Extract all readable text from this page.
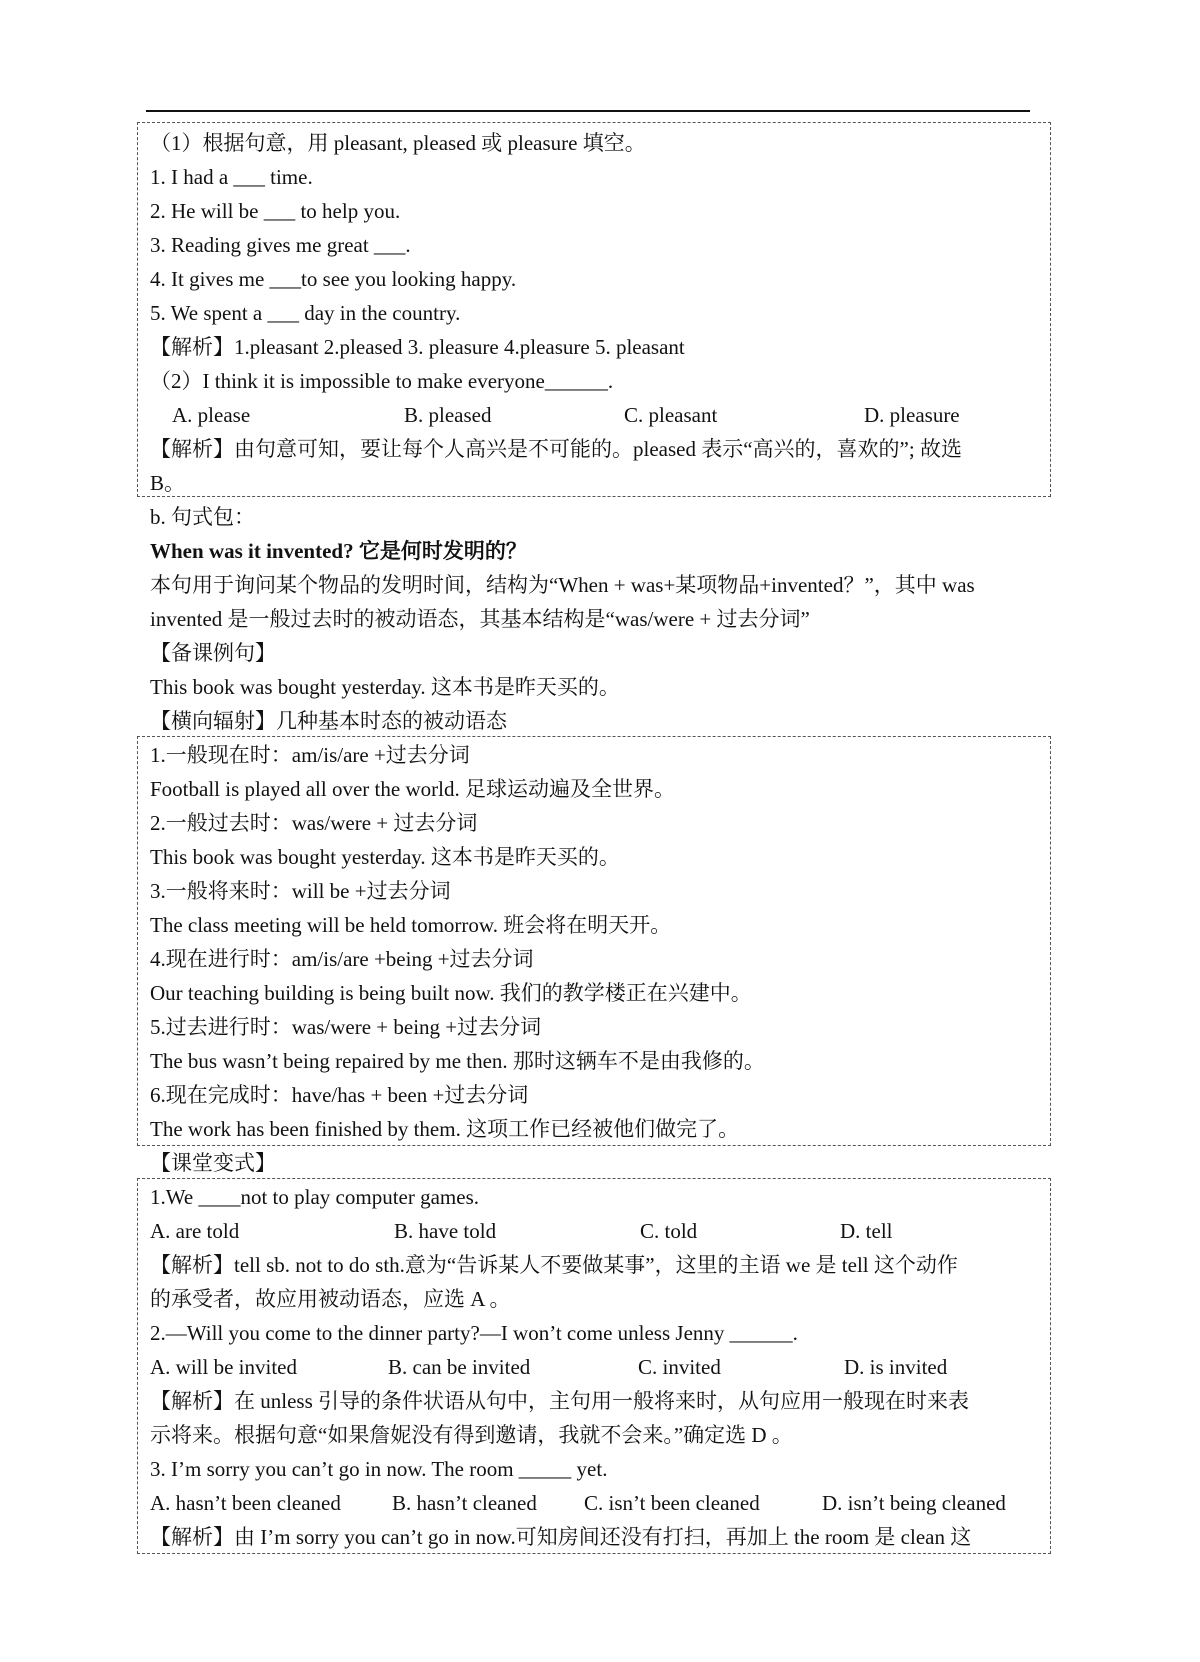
（1）根据句意，用 pleasant, pleased 或 pleasure 填空。
1. I had a ___ time.
2. He will be ___ to help you.
3. Reading gives me great ___.
4. It gives me ___to see you looking happy.
5. We spent a ___ day in the country.
【解析】1.pleasant 2.pleased 3. pleasure 4.pleasure 5. pleasant
（2）I think it is impossible to make everyone______.
A. please	B. pleased	C. pleasant	D. pleasure
【解析】由句意可知，要让每个人高兴是不可能的。pleased 表示“高兴的，喜欢的”; 故选
B。
b. 句式包：
When was it invented? 它是何时发明的？
本句用于询问某个物品的发明时间，结构为“When + was+某项物品+invented？”，其中 was
invented 是一般过去时的被动语态，其基本结构是“was/were + 过去分词”
【备课例句】
This book was bought yesterday. 这本书是昨天买的。
【横向辐射】几种基本时态的被动语态
1.一般现在时：am/is/are +过去分词
Football is played all over the world. 足球运动遍及全世界。
2.一般过去时：was/were + 过去分词
This book was bought yesterday. 这本书是昨天买的。
3.一般将来时：will be +过去分词
The class meeting will be held tomorrow. 班会将在明天开。
4.现在进行时：am/is/are +being +过去分词
Our teaching building is being built now. 我们的教学楼正在兴建中。
5.过去进行时：was/were + being +过去分词
The bus wasn’t being repaired by me then. 那时这辆车不是由我修的。
6.现在完成时：have/has + been +过去分词
The work has been finished by them. 这项工作已经被他们做完了。
【课堂变式】
1.We ____not to play computer games.
A. are told	B. have told	C. told	D. tell
【解析】tell sb. not to do sth.意为“告诉某人不要做某事”，这里的主语 we 是 tell 这个动作
的承受者，故应用被动语态，应选 A 。
2.—Will you come to the dinner party?—I won’t come unless Jenny ______.
A. will be invited	B. can be invited	C. invited	D. is invited
【解析】在 unless 引导的条件状语从句中，主句用一般将来时，从句应用一般现在时来表
示将来。根据句意“如果詹妮没有得到邀请，我就不会来。”确定选 D 。
3. I’m sorry you can’t go in now. The room _____ yet.
A. hasn’t been cleaned B. hasn’t cleaned C. isn’t been cleaned	D. isn’t being cleaned
【解析】由 I’m sorry you can’t go in now.可知房间还没有打扫，再加上 the room 是 clean 这
